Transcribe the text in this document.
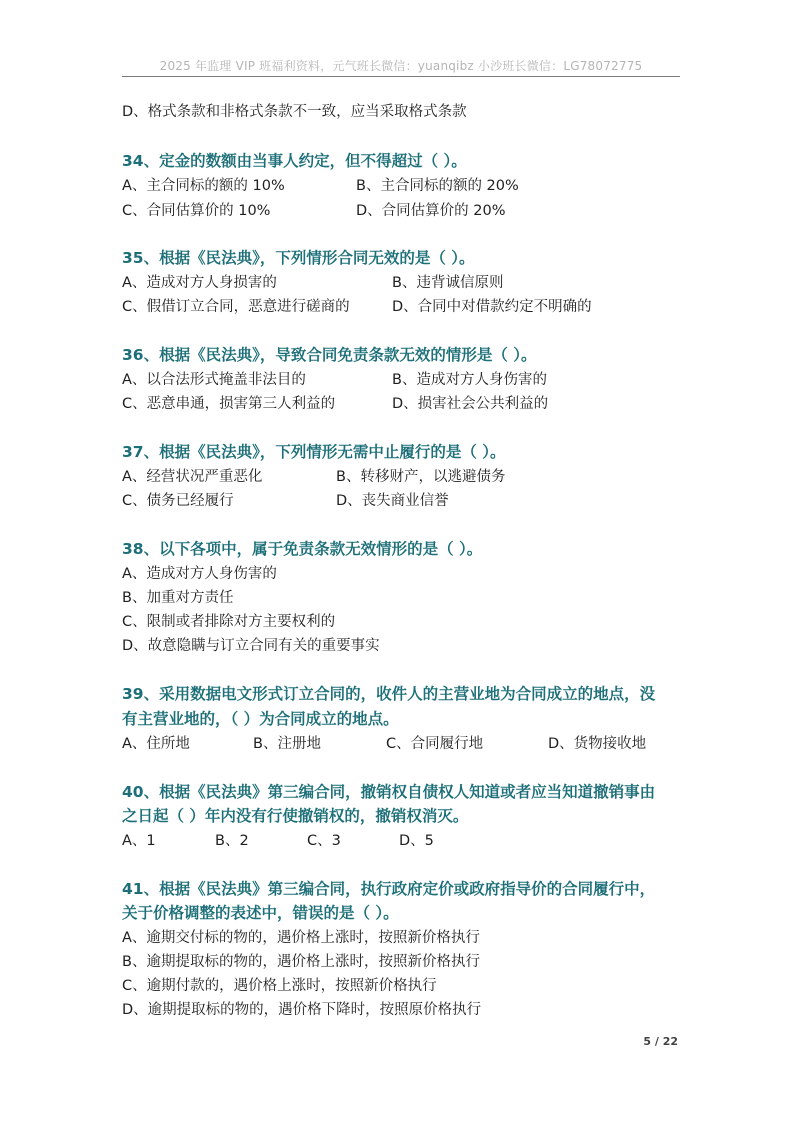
2025 年监理 VIP 班福利资料，元气班长微信：yuanqibz 小沙班长微信：LG78072775
D、格式条款和非格式条款不一致，应当采取格式条款
34、定金的数额由当事人约定，但不得超过（ ）。
A、主合同标的额的 10%	B、主合同标的额的 20%
C、合同估算价的 10%	D、合同估算价的 20%
35、根据《民法典》，下列情形合同无效的是（ ）。
A、造成对方人身损害的	B、违背诚信原则
C、假借订立合同，恶意进行磋商的	D、合同中对借款约定不明确的
36、根据《民法典》，导致合同免责条款无效的情形是（ ）。
A、以合法形式掩盖非法目的	B、造成对方人身伤害的
C、恶意串通，损害第三人利益的	D、损害社会公共利益的
37、根据《民法典》，下列情形无需中止履行的是（ ）。
A、经营状况严重恶化	B、转移财产，以逃避债务
C、债务已经履行	D、丧失商业信誉
38、以下各项中，属于免责条款无效情形的是（ ）。
A、造成对方人身伤害的
B、加重对方责任
C、限制或者排除对方主要权利的
D、故意隐瞒与订立合同有关的重要事实
39、采用数据电文形式订立合同的，收件人的主营业地为合同成立的地点，没
有主营业地的，（ ）为合同成立的地点。
A、住所地	B、注册地	C、合同履行地	D、货物接收地
40、根据《民法典》第三编合同，撤销权自债权人知道或者应当知道撤销事由
之日起（ ）年内没有行使撤销权的，撤销权消灭。
A、1	B、2	C、3	D、5
41、根据《民法典》第三编合同，执行政府定价或政府指导价的合同履行中，
关于价格调整的表述中，错误的是（ ）。
A、逾期交付标的物的，遇价格上涨时，按照新价格执行
B、逾期提取标的物的，遇价格上涨时，按照新价格执行
C、逾期付款的，遇价格上涨时，按照新价格执行
D、逾期提取标的物的，遇价格下降时，按照原价格执行
5 / 22
